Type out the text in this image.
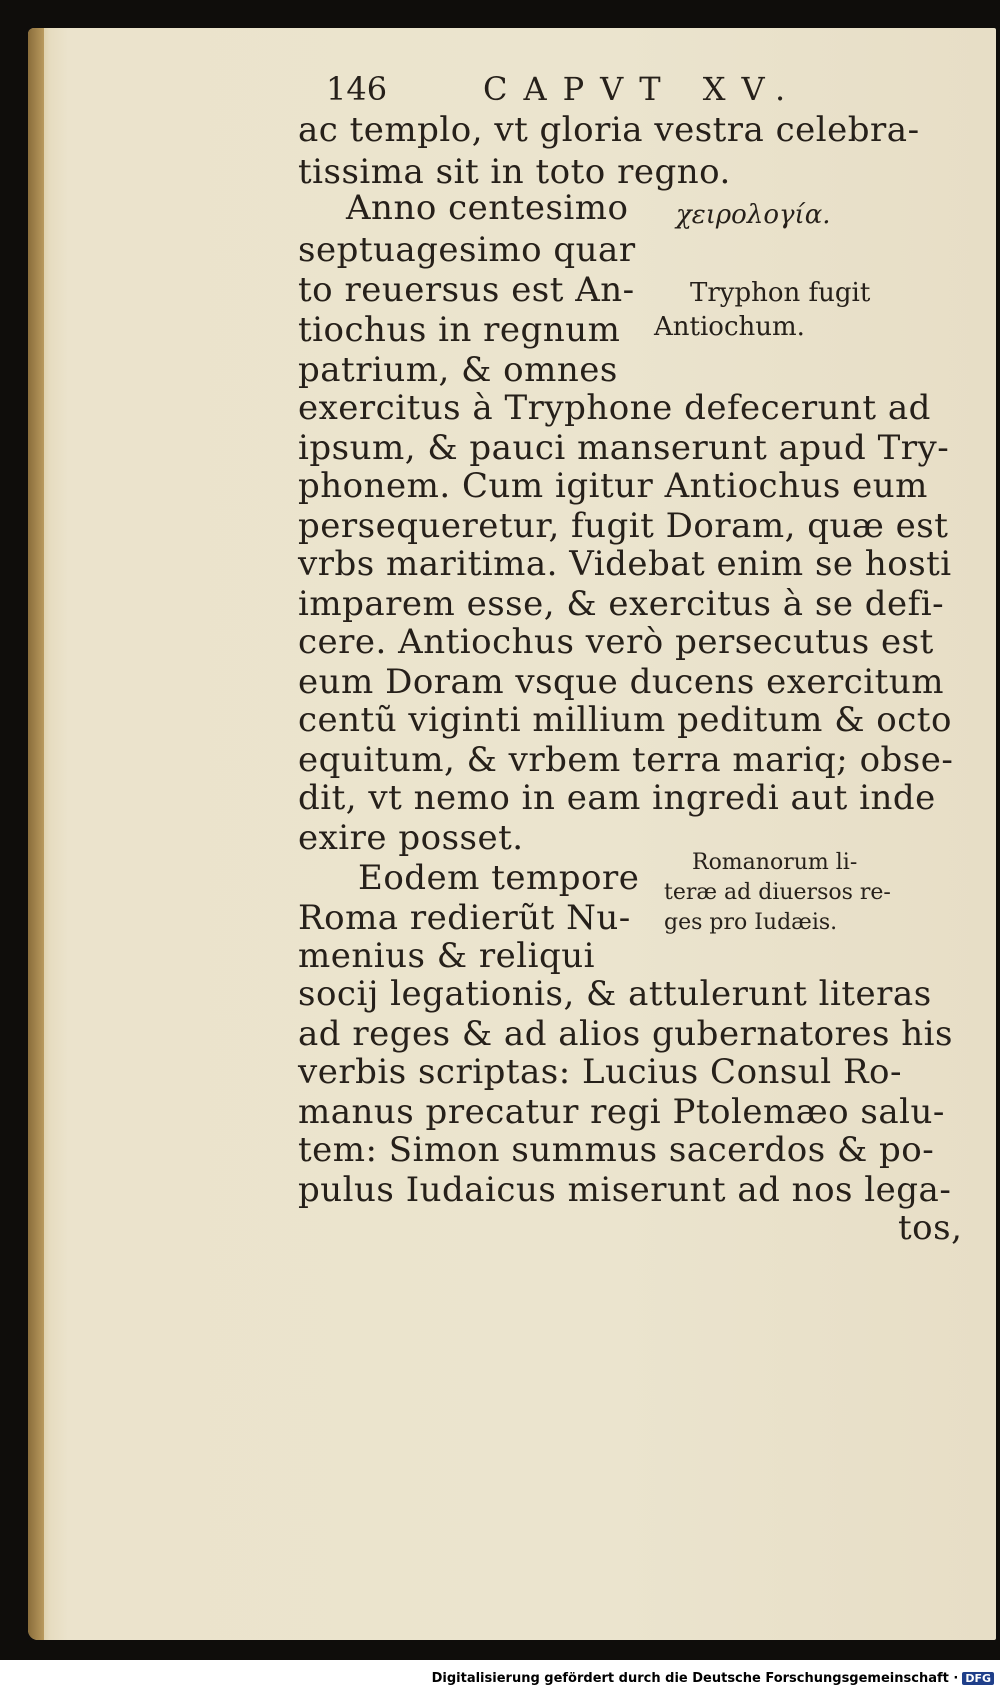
146	CAPVT XV.
ac templo, vt gloria vestra celebra-
tissima sit in toto regno.
Anno centesimo
septuagesimo quar
to reuersus est An-
tiochus in regnum
patrium, & omnes
exercitus à Tryphone defecerunt ad
ipsum, & pauci manserunt apud Try-
phonem. Cum igitur Antiochus eum
persequeretur, fugit Doram, quæ est
vrbs maritima. Videbat enim se hosti
imparem esse, & exercitus à se defi-
cere. Antiochus verò persecutus est
eum Doram vsque ducens exercitum
centũ viginti millium peditum & octo
equitum, & vrbem terra mariq; obse-
dit, vt nemo in eam ingredi aut inde
exire posset.
Eodem tempore
Roma redierũt Nu-
menius & reliqui
socij legationis, & attulerunt literas
ad reges & ad alios gubernatores his
verbis scriptas: Lucius Consul Ro-
manus precatur regi Ptolemæo salu-
tem: Simon summus sacerdos & po-
pulus Iudaicus miserunt ad nos lega-
tos,
χειρολογία.
Tryphon fugit
Antiochum.
Romanorum li-
teræ ad diuersos re-
ges pro Iudæis.
Digitalisierung gefördert durch die Deutsche Forschungsgemeinschaft · DFG
